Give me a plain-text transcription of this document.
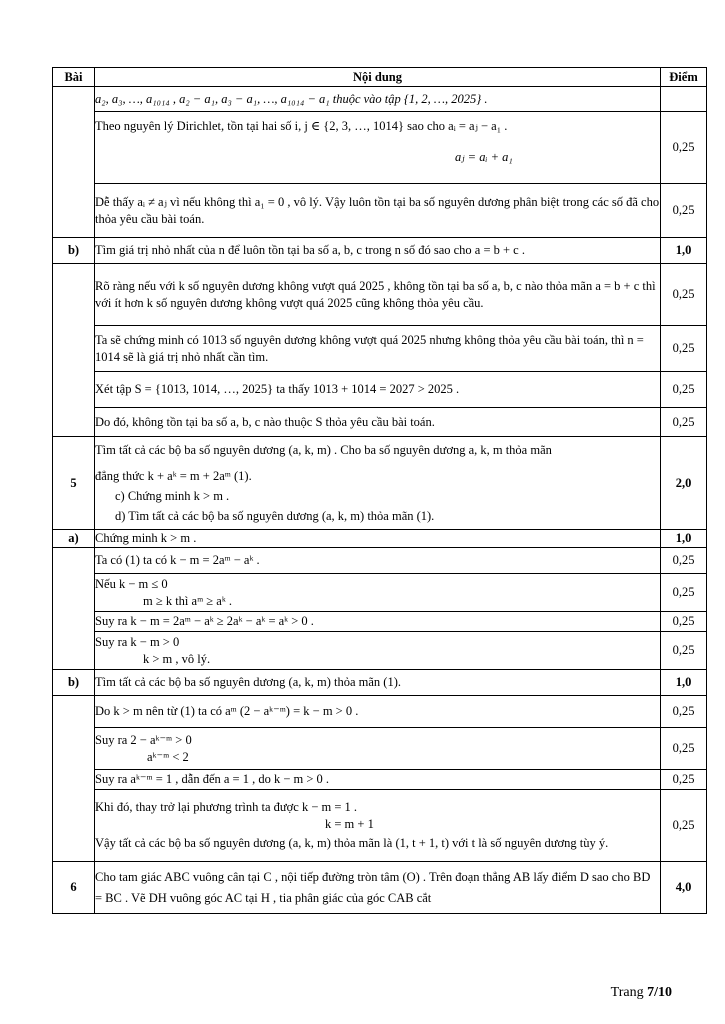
Bài	Nội dung	Điểm

	a₂, a₃, …, a₁₀₁₄ , a₂ − a₁, a₃ − a₁, …, a₁₀₁₄ − a₁ thuộc vào tập {1, 2, …, 2025} .	

	Theo nguyên lý Dirichlet, tồn tại hai số i, j ∈ {2, 3, …, 1014} sao cho aᵢ = aⱼ − a₁ .
aⱼ = aᵢ + a₁	0,25

	Dễ thấy aᵢ ≠ aⱼ vì nếu không thì a₁ = 0 , vô lý. Vậy luôn tồn tại ba số nguyên dương phân biệt trong các số đã cho thỏa yêu cầu bài toán.	0,25
b)	Tìm giá trị nhỏ nhất của n để luôn tồn tại ba số a, b, c trong n số đó sao cho a = b + c .	1,0

	Rõ ràng nếu với k số nguyên dương không vượt quá 2025 , không tồn tại ba số a, b, c nào thỏa mãn a = b + c thì với ít hơn k số nguyên dương không vượt quá 2025 cũng không thỏa yêu cầu.	0,25

	Ta sẽ chứng minh có 1013 số nguyên dương không vượt quá 2025 nhưng không thỏa yêu cầu bài toán, thì n = 1014 sẽ là giá trị nhỏ nhất cần tìm.	0,25

	Xét tập S = {1013, 1014, …, 2025} ta thấy 1013 + 1014 = 2027 > 2025 .	0,25

	Do đó, không tồn tại ba số a, b, c nào thuộc S thỏa yêu cầu bài toán.	0,25
5	Tìm tất cả các bộ ba số nguyên dương (a, k, m) . Cho ba số nguyên dương a, k, m thỏa mãn
đẳng thức k + aᵏ = m + 2aᵐ (1).
c) Chứng minh k > m .
d) Tìm tất cả các bộ ba số nguyên dương (a, k, m) thỏa mãn (1).	2,0
a)	Chứng minh k > m .	1,0

	Ta có (1) ta có k − m = 2aᵐ − aᵏ .	0,25

	Nếu k − m ≤ 0
m ≥ k thì aᵐ ≥ aᵏ .	0,25

	Suy ra k − m = 2aᵐ − aᵏ ≥ 2aᵏ − aᵏ = aᵏ > 0 .	0,25

	Suy ra k − m > 0
k > m , vô lý.	0,25
b)	Tìm tất cả các bộ ba số nguyên dương (a, k, m) thỏa mãn (1).	1,0

	Do k > m nên từ (1) ta có aᵐ (2 − aᵏ⁻ᵐ) = k − m > 0 .	0,25

	Suy ra 2 − aᵏ⁻ᵐ > 0
aᵏ⁻ᵐ < 2	0,25

	Suy ra aᵏ⁻ᵐ = 1 , dẫn đến a = 1 , do k − m > 0 .	0,25

	Khi đó, thay trở lại phương trình ta được k − m = 1 .
k = m + 1
Vậy tất cả các bộ ba số nguyên dương (a, k, m) thỏa mãn là (1, t + 1, t) với t là số nguyên dương tùy ý.	0,25
6	Cho tam giác ABC vuông cân tại C , nội tiếp đường tròn tâm (O) . Trên đoạn thẳng AB lấy điểm D sao cho BD = BC . Vẽ DH vuông góc AC tại H , tia phân giác của góc CAB cắt	4,0
Trang 7/10
